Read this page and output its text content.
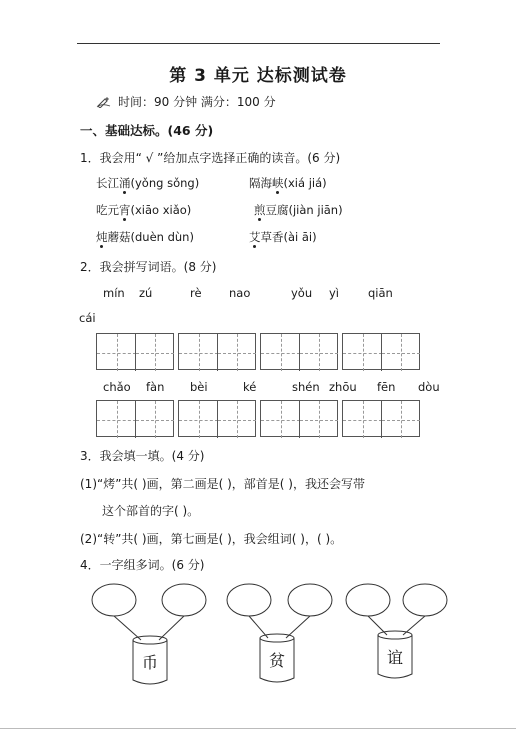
第 3 单元 达标测试卷
时间：90 分钟 满分：100 分
一、基础达标。(46 分)
1．我会用“ √ ”给加点字选择正确的读音。(6 分)
长江涌(yǒng sǒng)	隔海峡(xiá jiá)
吃元宵(xiāo xiǎo)	煎豆腐(jiàn jiān)
炖蘑菇(duèn dùn)	艾草香(ài āi)
2．我会拼写词语。(8 分)
mín zú	rè nao	yǒu yì	qiān
cái
chǎo fàn bèi	ké	shén zhōu fēn dòu
3．我会填一填。(4 分)
(1)“烤”共( )画，第二画是( )，部首是( )，我还会写带
这个部首的字( )。
(2)“转”共( )画，第七画是( )，我会组词( )，( )。
4．一字组多词。(6 分)
币	贫	谊
